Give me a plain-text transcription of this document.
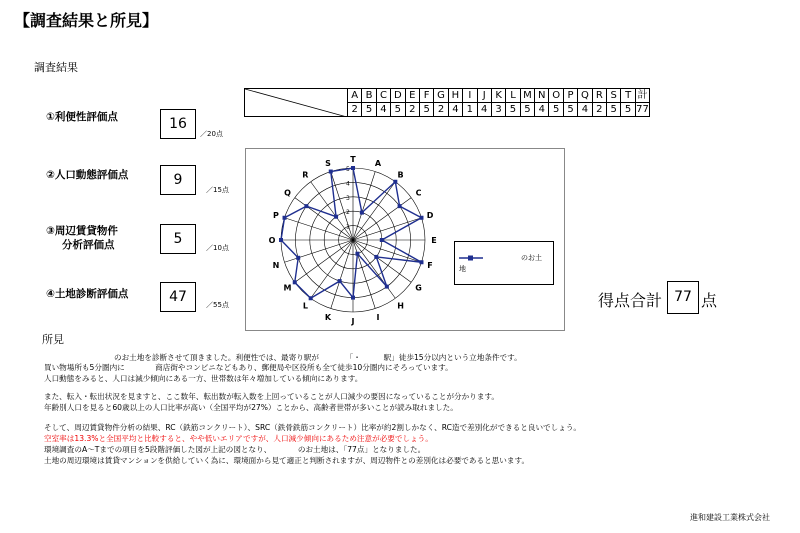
【調査結果と所見】
調査結果
①利便性評価点	16
／20点
②人口動態評価点	9
／15点
③周辺賃貸物件
分析評価点	5
／10点
④土地診断評価点	47	／55点
	A	B	C	D	E	F	G	H	I	J	K	L	M	N	O	P	Q	R	S	T	計
	2	5	4	5	2	5	2	4	1	4	3	5	5	4	5	5	4	2	5	5	77
1
2
3
4
5
A
B
C
D
E
F
G
H
I
J
K
L
M
N
O
P
Q
R
S T
地
のお土
得点合計 77 点
所見
のお土地を診断させて頂きました。利便性では、最寄り駅が　　　　「・　　　駅」徒歩15分以内という立地条件です。
買い物場所も5分圏内に　　　　商店街やコンビニなどもあり、郵便局や区役所も全て徒歩10分圏内にそろっています。
人口動態をみると、人口は減少傾向にある一方、世帯数は年々増加している傾向にあります。
また、転入・転出状況を見ますと、ここ数年、転出数が転入数を上回っていることが人口減少の要因になっていることが分かります。
年齢別人口を見ると60歳以上の人口比率が高い（全国平均が27%）ことから、高齢者世帯が多いことが読み取れました。
そして、周辺賃貸物件分析の結果、RC（鉄筋コンクリート）、SRC（鉄骨鉄筋コンクリート）比率が約2割しかなく、RC造で差別化ができると良いでしょう。
空室率は13.3%と全国平均と比較すると、やや低いエリアですが、人口減少傾向にあるため注意が必要でしょう。
環境調査のA～Tまでの項目を5段階評価した図が上記の図となり、　　　　のお土地は、「77点」となりました。
土地の周辺環境は賃貸マンションを供給していく為に、環境面から見て適正と判断されますが、周辺物件との差別化は必要であると思います。
進和建設工業株式会社
